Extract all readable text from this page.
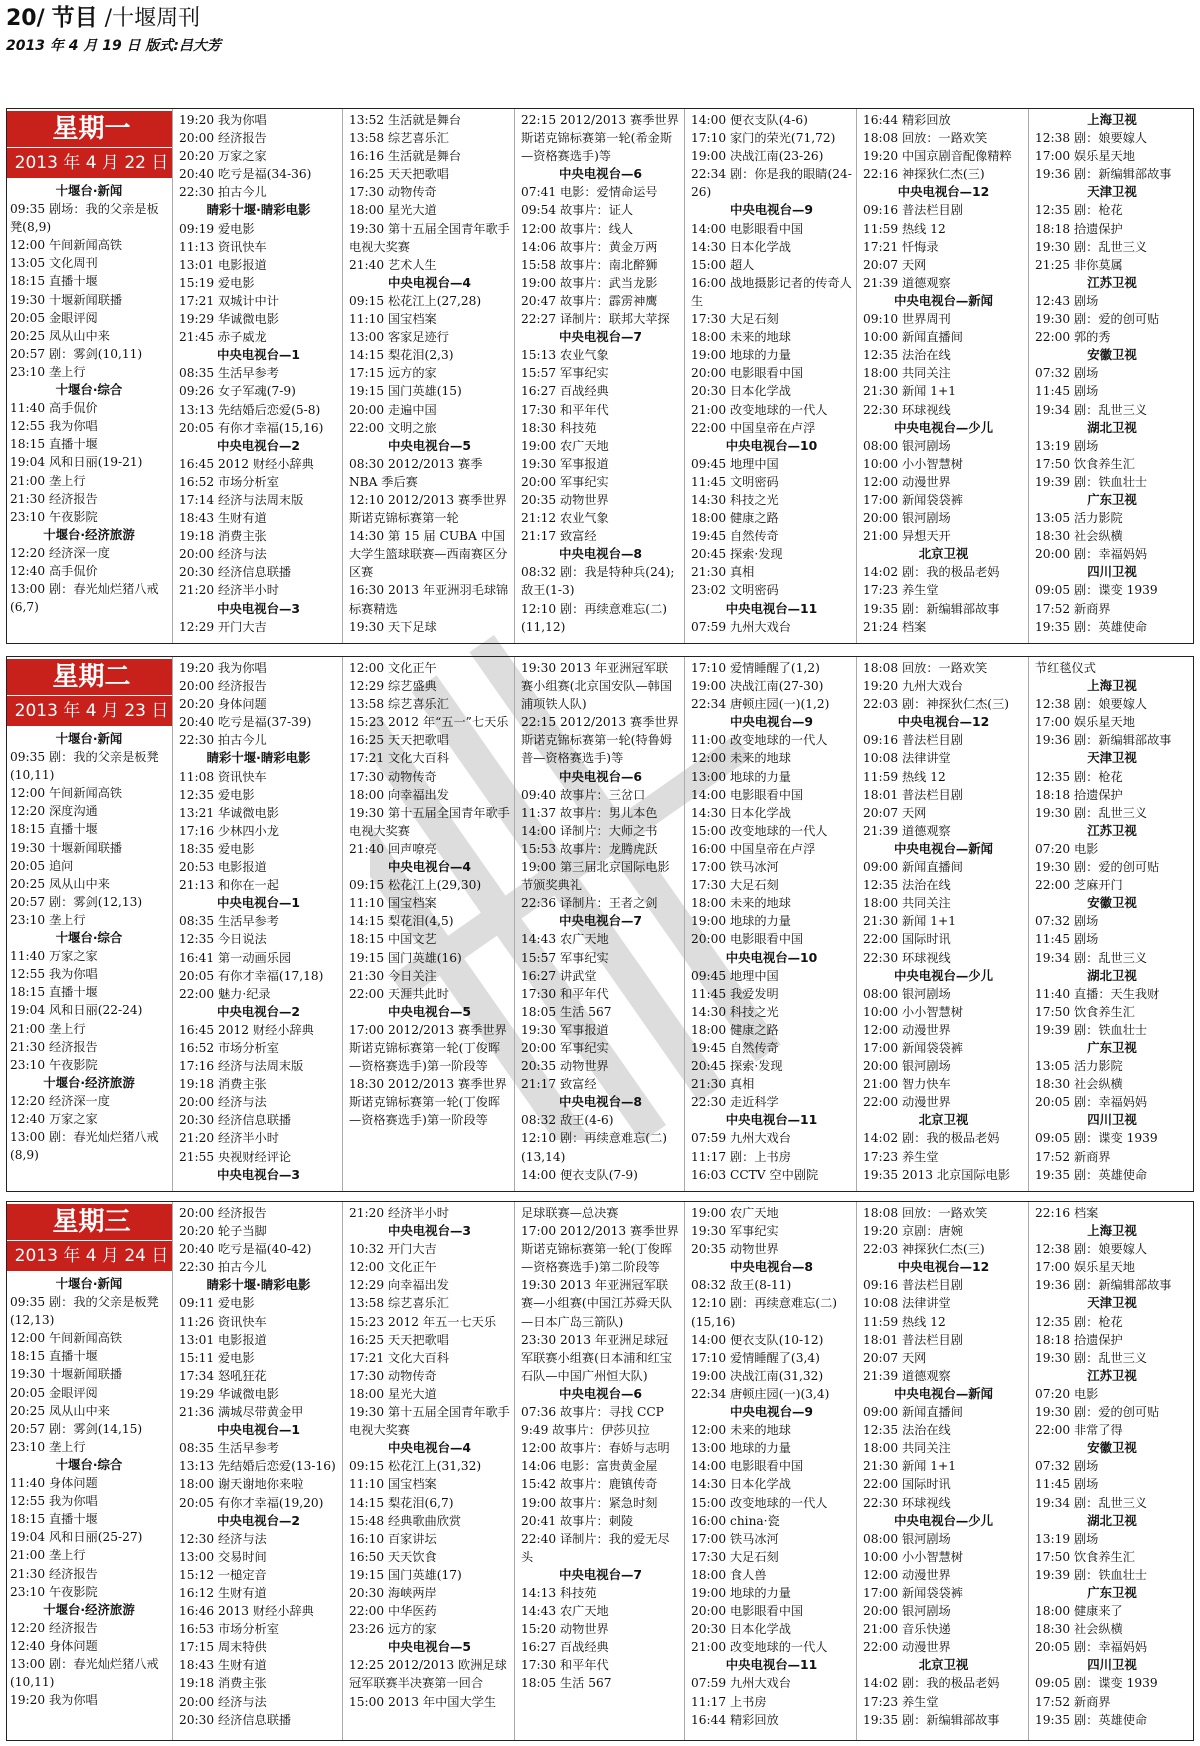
20/ 节目 /十堰周刊
2013 年 4 月 19 日 版式:吕大芳
星期一
2013 年 4 月 22 日
十堰台·新闻
09:35 剧场：我的父亲是板凳(8,9)
12:00 午间新闻高铁
13:05 文化周刊
18:15 直播十堰
19:30 十堰新闻联播
20:05 金眼评阅
20:25 凤从山中来
20:57 剧：雾剑(10,11)
23:10 垄上行
十堰台·综合
11:40 高手侃价
12:55 我为你唱
18:15 直播十堰
19:04 风和日丽(19-21)
21:00 垄上行
21:30 经济报告
23:10 午夜影院
十堰台·经济旅游
12:20 经济深一度
12:40 高手侃价
13:00 剧：春光灿烂猪八戒(6,7)
19:20 我为你唱
20:00 经济报告
20:20 万家之家
20:40 吃亏是福(34-36)
22:30 拍古今儿
睛彩十堰·睛彩电影
09:19 爱电影
11:13 资讯快车
13:01 电影报道
15:19 爱电影
17:21 双城计中计
19:29 华诚微电影
21:45 赤子威龙
中央电视台—1
08:35 生活早参考
09:26 女子军魂(7-9)
13:13 先结婚后恋爱(5-8)
20:05 有你才幸福(15,16)
中央电视台—2
16:45 2012 财经小辞典
16:52 市场分析室
17:14 经济与法周末版
18:43 生财有道
19:18 消费主张
20:00 经济与法
20:30 经济信息联播
21:20 经济半小时
中央电视台—3
12:29 开门大吉
13:52 生活就是舞台
13:58 综艺喜乐汇
16:16 生活就是舞台
16:25 天天把歌唱
17:30 动物传奇
18:00 星光大道
19:30 第十五届全国青年歌手电视大奖赛
21:40 艺术人生
中央电视台—4
09:15 松花江上(27,28)
11:10 国宝档案
13:00 客家足迹行
14:15 梨花泪(2,3)
17:15 远方的家
19:15 国门英雄(15)
20:00 走遍中国
22:00 文明之旅
中央电视台—5
08:30 2012/2013 赛季 NBA 季后赛
12:10 2012/2013 赛季世界斯诺克锦标赛第一轮
14:30 第 15 届 CUBA 中国大学生篮球联赛—西南赛区分区赛
16:30 2013 年亚洲羽毛球锦标赛精选
19:30 天下足球
22:15 2012/2013 赛季世界斯诺克锦标赛第一轮(希金斯—资格赛选手)等
中央电视台—6
07:41 电影：爱情命运号
09:54 故事片：证人
12:00 故事片：线人
14:06 故事片：黄金万两
15:58 故事片：南北醉狮
19:00 故事片：武当龙影
20:47 故事片：霹雳神鹰
22:27 译制片：联邦大苹探
中央电视台—7
15:13 农业气象
15:57 军事纪实
16:27 百战经典
17:30 和平年代
18:30 科技苑
19:00 农广天地
19:30 军事报道
20:00 军事纪实
20:35 动物世界
21:12 农业气象
21:17 致富经
中央电视台—8
08:32 剧：我是特种兵(24);敌王(1-3)
12:10 剧：再续意难忘(二)(11,12)
14:00 便衣支队(4-6)
17:10 家门的荣光(71,72)
19:00 决战江南(23-26)
22:34 剧：你是我的眼睛(24-26)
中央电视台—9
14:00 电影眼看中国
14:30 日本化学战
15:00 超人
16:00 战地摄影记者的传奇人生
17:30 大足石刻
18:00 未来的地球
19:00 地球的力量
20:00 电影眼看中国
20:30 日本化学战
21:00 改变地球的一代人
22:00 中国皇帝在卢浮
中央电视台—10
09:45 地理中国
11:45 文明密码
14:30 科技之光
18:00 健康之路
19:45 自然传奇
20:45 探索·发现
21:30 真相
23:02 文明密码
中央电视台—11
07:59 九州大戏台
16:44 精彩回放
18:08 回放：一路欢笑
19:20 中国京剧音配像精粹
22:16 神探狄仁杰(三)
中央电视台—12
09:16 普法栏目剧
11:59 热线 12
17:21 忏悔录
20:07 天网
21:39 道德观察
中央电视台—新闻
09:10 世界周刊
10:00 新闻直播间
12:35 法治在线
18:00 共同关注
21:30 新闻 1+1
22:30 环球视线
中央电视台—少儿
08:00 银河剧场
10:00 小小智慧树
12:00 动漫世界
17:00 新闻袋袋裤
20:00 银河剧场
21:00 异想天开
北京卫视
14:02 剧：我的极品老妈
17:23 养生堂
19:35 剧：新编辑部故事
21:24 档案
上海卫视
12:38 剧：娘要嫁人
17:00 娱乐星天地
19:36 剧：新编辑部故事
天津卫视
12:35 剧：枪花
18:18 拾遗保护
19:30 剧：乱世三义
21:25 非你莫属
江苏卫视
12:43 剧场
19:30 剧：爱的创可贴
22:00 郭的秀
安徽卫视
07:32 剧场
11:45 剧场
19:34 剧：乱世三义
湖北卫视
13:19 剧场
17:50 饮食养生汇
19:39 剧：铁血壮士
广东卫视
13:05 活力影院
18:30 社会纵横
20:00 剧：幸福妈妈
四川卫视
09:05 剧：谍变 1939
17:52 新商界
19:35 剧：英雄使命
星期二
2013 年 4 月 23 日
十堰台·新闻
09:35 剧：我的父亲是板凳(10,11)
12:00 午间新闻高铁
12:20 深度沟通
18:15 直播十堰
19:30 十堰新闻联播
20:05 追问
20:25 凤从山中来
20:57 剧：雾剑(12,13)
23:10 垄上行
十堰台·综合
11:40 万家之家
12:55 我为你唱
18:15 直播十堰
19:04 风和日丽(22-24)
21:00 垄上行
21:30 经济报告
23:10 午夜影院
十堰台·经济旅游
12:20 经济深一度
12:40 万家之家
13:00 剧：春光灿烂猪八戒(8,9)
19:20 我为你唱
20:00 经济报告
20:20 身体问题
20:40 吃亏是福(37-39)
22:30 拍古今儿
睛彩十堰·睛彩电影
11:08 资讯快车
12:35 爱电影
13:21 华诚微电影
17:16 少林四小龙
18:35 爱电影
20:53 电影报道
21:13 和你在一起
中央电视台—1
08:35 生活早参考
12:35 今日说法
16:41 第一动画乐园
20:05 有你才幸福(17,18)
22:00 魅力·纪录
中央电视台—2
16:45 2012 财经小辞典
16:52 市场分析室
17:16 经济与法周末版
19:18 消费主张
20:00 经济与法
20:30 经济信息联播
21:20 经济半小时
21:55 央视财经评论
中央电视台—3
12:00 文化正午
12:29 综艺盛典
13:58 综艺喜乐汇
15:23 2012 年“五一”七天乐
16:25 天天把歌唱
17:21 文化大百科
17:30 动物传奇
18:00 向幸福出发
19:30 第十五届全国青年歌手电视大奖赛
21:40 回声嘹亮
中央电视台—4
09:15 松花江上(29,30)
11:10 国宝档案
14:15 梨花泪(4,5)
18:15 中国文艺
19:15 国门英雄(16)
21:30 今日关注
22:00 天涯共此时
中央电视台—5
17:00 2012/2013 赛季世界斯诺克锦标赛第一轮(丁俊晖—资格赛选手)第一阶段等
18:30 2012/2013 赛季世界斯诺克锦标赛第一轮(丁俊晖—资格赛选手)第一阶段等
19:30 2013 年亚洲冠军联赛小组赛(北京国安队—韩国浦项铁人队)
22:15 2012/2013 赛季世界斯诺克锦标赛第一轮(特鲁姆普—资格赛选手)等
中央电视台—6
09:40 故事片：三岔口
11:37 故事片：男儿本色
14:00 译制片：大师之书
15:53 故事片：龙腾虎跃
19:00 第三届北京国际电影节颁奖典礼
22:36 译制片：王者之剑
中央电视台—7
14:43 农广天地
15:57 军事纪实
16:27 讲武堂
17:30 和平年代
18:05 生活 567
19:30 军事报道
20:00 军事纪实
20:35 动物世界
21:17 致富经
中央电视台—8
08:32 敌王(4-6)
12:10 剧：再续意难忘(二)(13,14)
14:00 便衣支队(7-9)
17:10 爱情睡醒了(1,2)
19:00 决战江南(27-30)
22:34 唐顿庄园(一)(1,2)
中央电视台—9
11:00 改变地球的一代人
12:00 未来的地球
13:00 地球的力量
14:00 电影眼看中国
14:30 日本化学战
15:00 改变地球的一代人
16:00 中国皇帝在卢浮
17:00 铁马冰河
17:30 大足石刻
18:00 未来的地球
19:00 地球的力量
20:00 电影眼看中国
中央电视台—10
09:45 地理中国
11:45 我爱发明
14:30 科技之光
18:00 健康之路
19:45 自然传奇
20:45 探索·发现
21:30 真相
22:30 走近科学
中央电视台—11
07:59 九州大戏台
11:17 剧：上书房
16:03 CCTV 空中剧院
18:08 回放：一路欢笑
19:20 九州大戏台
22:03 剧：神探狄仁杰(三)
中央电视台—12
09:16 普法栏目剧
10:08 法律讲堂
11:59 热线 12
18:01 普法栏目剧
20:07 天网
21:39 道德观察
中央电视台—新闻
09:00 新闻直播间
12:35 法治在线
18:00 共同关注
21:30 新闻 1+1
22:00 国际时讯
22:30 环球视线
中央电视台—少儿
08:00 银河剧场
10:00 小小智慧树
12:00 动漫世界
17:00 新闻袋袋裤
20:00 银河剧场
21:00 智力快车
22:00 动漫世界
北京卫视
14:02 剧：我的极品老妈
17:23 养生堂
19:35 2013 北京国际电影
节红毯仪式
上海卫视
12:38 剧：娘要嫁人
17:00 娱乐星天地
19:36 剧：新编辑部故事
天津卫视
12:35 剧：枪花
18:18 拾遗保护
19:30 剧：乱世三义
江苏卫视
07:20 电影
19:30 剧：爱的创可贴
22:00 芝麻开门
安徽卫视
07:32 剧场
11:45 剧场
19:34 剧：乱世三义
湖北卫视
11:40 直播：天生我财
17:50 饮食养生汇
19:39 剧：铁血壮士
广东卫视
13:05 活力影院
18:30 社会纵横
20:05 剧：幸福妈妈
四川卫视
09:05 剧：谍变 1939
17:52 新商界
19:35 剧：英雄使命
星期三
2013 年 4 月 24 日
十堰台·新闻
09:35 剧：我的父亲是板凳(12,13)
12:00 午间新闻高铁
18:15 直播十堰
19:30 十堰新闻联播
20:05 金眼评阅
20:25 凤从山中来
20:57 剧：雾剑(14,15)
23:10 垄上行
十堰台·综合
11:40 身体问题
12:55 我为你唱
18:15 直播十堰
19:04 风和日丽(25-27)
21:00 垄上行
21:30 经济报告
23:10 午夜影院
十堰台·经济旅游
12:20 经济报告
12:40 身体问题
13:00 剧：春光灿烂猪八戒(10,11)
19:20 我为你唱
20:00 经济报告
20:20 轮子当脚
20:40 吃亏是福(40-42)
22:30 拍古今儿
睛彩十堰·睛彩电影
09:11 爱电影
11:26 资讯快车
13:01 电影报道
15:11 爱电影
17:34 怒吼狂花
19:29 华诚微电影
21:36 满城尽带黄金甲
中央电视台—1
08:35 生活早参考
13:13 先结婚后恋爱(13-16)
18:00 谢天谢地你来啦
20:05 有你才幸福(19,20)
中央电视台—2
12:30 经济与法
13:00 交易时间
15:12 一槌定音
16:12 生财有道
16:46 2013 财经小辞典
16:53 市场分析室
17:15 周末特供
18:43 生财有道
19:18 消费主张
20:00 经济与法
20:30 经济信息联播
21:20 经济半小时
中央电视台—3
10:32 开门大吉
12:00 文化正午
12:29 向幸福出发
13:58 综艺喜乐汇
15:23 2012 年五一七天乐
16:25 天天把歌唱
17:21 文化大百科
17:30 动物传奇
18:00 星光大道
19:30 第十五届全国青年歌手电视大奖赛
中央电视台—4
09:15 松花江上(31,32)
11:10 国宝档案
14:15 梨花泪(6,7)
15:48 经典歌曲欣赏
16:10 百家讲坛
16:50 天天饮食
19:15 国门英雄(17)
20:30 海峡两岸
22:00 中华医药
23:26 远方的家
中央电视台—5
12:25 2012/2013 欧洲足球冠军联赛半决赛第一回合
15:00 2013 年中国大学生
足球联赛—总决赛
17:00 2012/2013 赛季世界斯诺克锦标赛第一轮(丁俊晖—资格赛选手)第二阶段等
19:30 2013 年亚洲冠军联赛—小组赛(中国江苏舜天队—日本广岛三箭队)
23:30 2013 年亚洲足球冠军联赛小组赛(日本浦和红宝石队—中国广州恒大队)
中央电视台—6
07:36 故事片：寻找 CCP
9:49 故事片：伊莎贝拉
12:00 故事片：春娇与志明
14:06 电影：富贵黄金屋
15:42 故事片：鹿镇传奇
19:00 故事片：紧急时刻
20:41 故事片：刺陵
22:40 译制片：我的爱无尽头
中央电视台—7
14:13 科技苑
14:43 农广天地
15:20 动物世界
16:27 百战经典
17:30 和平年代
18:05 生活 567
19:00 农广天地
19:30 军事纪实
20:35 动物世界
中央电视台—8
08:32 敌王(8-11)
12:10 剧：再续意难忘(二)(15,16)
14:00 便衣支队(10-12)
17:10 爱情睡醒了(3,4)
19:00 决战江南(31,32)
22:34 唐顿庄园(一)(3,4)
中央电视台—9
12:00 未来的地球
13:00 地球的力量
14:00 电影眼看中国
14:30 日本化学战
15:00 改变地球的一代人
16:00 china·瓷
17:00 铁马冰河
17:30 大足石刻
18:00 食人兽
19:00 地球的力量
20:00 电影眼看中国
20:30 日本化学战
21:00 改变地球的一代人
中央电视台—11
07:59 九州大戏台
11:17 上书房
16:44 精彩回放
18:08 回放：一路欢笑
19:20 京剧：唐婉
22:03 神探狄仁杰(三)
中央电视台—12
09:16 普法栏目剧
10:08 法律讲堂
11:59 热线 12
18:01 普法栏目剧
20:07 天网
21:39 道德观察
中央电视台—新闻
09:00 新闻直播间
12:35 法治在线
18:00 共同关注
21:30 新闻 1+1
22:00 国际时讯
22:30 环球视线
中央电视台—少儿
08:00 银河剧场
10:00 小小智慧树
12:00 动漫世界
17:00 新闻袋袋裤
20:00 银河剧场
21:00 音乐快递
22:00 动漫世界
北京卫视
14:02 剧：我的极品老妈
17:23 养生堂
19:35 剧：新编辑部故事
22:16 档案
上海卫视
12:38 剧：娘要嫁人
17:00 娱乐星天地
19:36 剧：新编辑部故事
天津卫视
12:35 剧：枪花
18:18 拾遗保护
19:30 剧：乱世三义
江苏卫视
07:20 电影
19:30 剧：爱的创可贴
22:00 非常了得
安徽卫视
07:32 剧场
11:45 剧场
19:34 剧：乱世三义
湖北卫视
13:19 剧场
17:50 饮食养生汇
19:39 剧：铁血壮士
广东卫视
18:00 健康来了
18:30 社会纵横
20:05 剧：幸福妈妈
四川卫视
09:05 剧：谍变 1939
17:52 新商界
19:35 剧：英雄使命
